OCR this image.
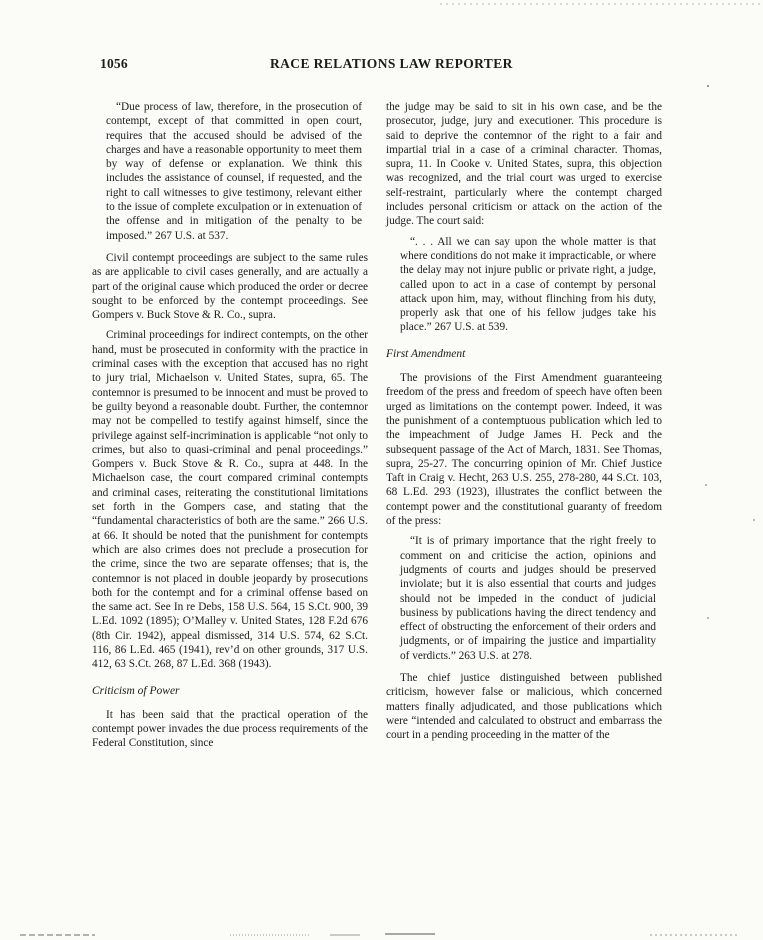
1056	RACE RELATIONS LAW REPORTER

“Due process of law, therefore, in the prosecution of contempt, except of that committed in open court, requires that the accused should be advised of the charges and have a reasonable opportunity to meet them by way of defense or explanation. We think this includes the assistance of counsel, if requested, and the right to call witnesses to give testimony, relevant either to the issue of complete exculpation or in extenuation of the offense and in mitigation of the penalty to be imposed.” 267 U.S. at 537.

Civil contempt proceedings are subject to the same rules as are applicable to civil cases generally, and are actually a part of the original cause which produced the order or decree sought to be enforced by the contempt proceedings. See Gompers v. Buck Stove & R. Co., supra.

Criminal proceedings for indirect contempts, on the other hand, must be prosecuted in conformity with the practice in criminal cases with the exception that accused has no right to jury trial, Michaelson v. United States, supra, 65. The contemnor is presumed to be innocent and must be proved to be guilty beyond a reasonable doubt. Further, the contemnor may not be compelled to testify against himself, since the privilege against self-incrimination is applicable “not only to crimes, but also to quasi-criminal and penal proceedings.” Gompers v. Buck Stove & R. Co., supra at 448. In the Michaelson case, the court compared criminal contempts and criminal cases, reiterating the constitutional limitations set forth in the Gompers case, and stating that the “fundamental characteristics of both are the same.” 266 U.S. at 66. It should be noted that the punishment for contempts which are also crimes does not preclude a prosecution for the crime, since the two are separate offenses; that is, the contemnor is not placed in double jeopardy by prosecutions both for the contempt and for a criminal offense based on the same act. See In re Debs, 158 U.S. 564, 15 S.Ct. 900, 39 L.Ed. 1092 (1895); O’Malley v. United States, 128 F.2d 676 (8th Cir. 1942), appeal dismissed, 314 U.S. 574, 62 S.Ct. 116, 86 L.Ed. 465 (1941), rev’d on other grounds, 317 U.S. 412, 63 S.Ct. 268, 87 L.Ed. 368 (1943).

Criticism of Power

It has been said that the practical operation of the contempt power invades the due process requirements of the Federal Constitution, since

the judge may be said to sit in his own case, and be the prosecutor, judge, jury and executioner. This procedure is said to deprive the contemnor of the right to a fair and impartial trial in a case of a criminal character. Thomas, supra, 11. In Cooke v. United States, supra, this objection was recognized, and the trial court was urged to exercise self-restraint, particularly where the contempt charged includes personal criticism or attack on the action of the judge. The court said:

“. . . All we can say upon the whole matter is that where conditions do not make it impracticable, or where the delay may not injure public or private right, a judge, called upon to act in a case of contempt by personal attack upon him, may, without flinching from his duty, properly ask that one of his fellow judges take his place.” 267 U.S. at 539.

First Amendment

The provisions of the First Amendment guaranteeing freedom of the press and freedom of speech have often been urged as limitations on the contempt power. Indeed, it was the punishment of a contemptuous publication which led to the impeachment of Judge James H. Peck and the subsequent passage of the Act of March, 1831. See Thomas, supra, 25-27. The concurring opinion of Mr. Chief Justice Taft in Craig v. Hecht, 263 U.S. 255, 278-280, 44 S.Ct. 103, 68 L.Ed. 293 (1923), illustrates the conflict between the contempt power and the constitutional guaranty of freedom of the press:

“It is of primary importance that the right freely to comment on and criticise the action, opinions and judgments of courts and judges should be preserved inviolate; but it is also essential that courts and judges should not be impeded in the conduct of judicial business by publications having the direct tendency and effect of obstructing the enforcement of their orders and judgments, or of impairing the justice and impartiality of verdicts.” 263 U.S. at 278.

The chief justice distinguished between published criticism, however false or malicious, which concerned matters finally adjudicated, and those publications which were “intended and calculated to obstruct and embarrass the court in a pending proceeding in the matter of the
